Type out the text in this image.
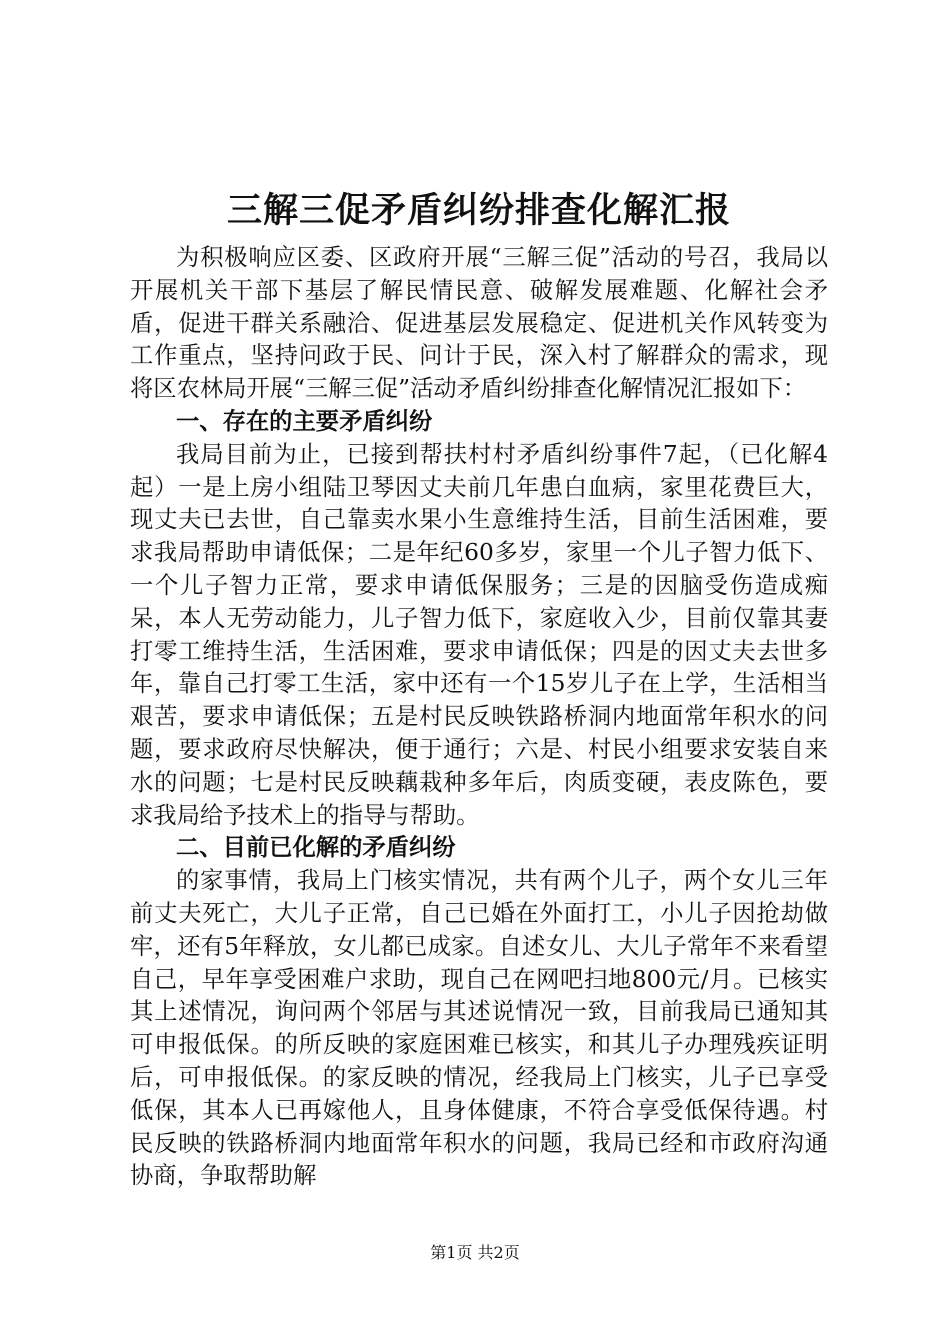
三解三促矛盾纠纷排查化解汇报

为积极响应区委、区政府开展“三解三促”活动的号召，我局以开展机关干部下基层了解民情民意、破解发展难题、化解社会矛盾，促进干群关系融洽、促进基层发展稳定、促进机关作风转变为工作重点，坚持问政于民、问计于民，深入村了解群众的需求，现将区农林局开展“三解三促”活动矛盾纠纷排查化解情况汇报如下：

一、存在的主要矛盾纠纷

我局目前为止，已接到帮扶村村矛盾纠纷事件7起，（已化解4起）一是上房小组陆卫琴因丈夫前几年患白血病，家里花费巨大，现丈夫已去世，自己靠卖水果小生意维持生活，目前生活困难，要求我局帮助申请低保；二是年纪60多岁，家里一个儿子智力低下、一个儿子智力正常，要求申请低保服务；三是的因脑受伤造成痴呆，本人无劳动能力，儿子智力低下，家庭收入少，目前仅靠其妻打零工维持生活，生活困难，要求申请低保；四是的因丈夫去世多年，靠自己打零工生活，家中还有一个15岁儿子在上学，生活相当艰苦，要求申请低保；五是村民反映铁路桥洞内地面常年积水的问题，要求政府尽快解决，便于通行；六是、村民小组要求安装自来水的问题；七是村民反映藕栽种多年后，肉质变硬，表皮陈色，要求我局给予技术上的指导与帮助。

二、目前已化解的矛盾纠纷

的家事情，我局上门核实情况，共有两个儿子，两个女儿三年前丈夫死亡，大儿子正常，自己已婚在外面打工，小儿子因抢劫做牢，还有5年释放，女儿都已成家。自述女儿、大儿子常年不来看望自己，早年享受困难户求助，现自己在网吧扫地800元/月。已核实其上述情况，询问两个邻居与其述说情况一致，目前我局已通知其可申报低保。的所反映的家庭困难已核实，和其儿子办理残疾证明后，可申报低保。的家反映的情况，经我局上门核实，儿子已享受低保，其本人已再嫁他人，且身体健康，不符合享受低保待遇。村民反映的铁路桥洞内地面常年积水的问题，我局已经和市政府沟通协商，争取帮助解

第1页 共2页
